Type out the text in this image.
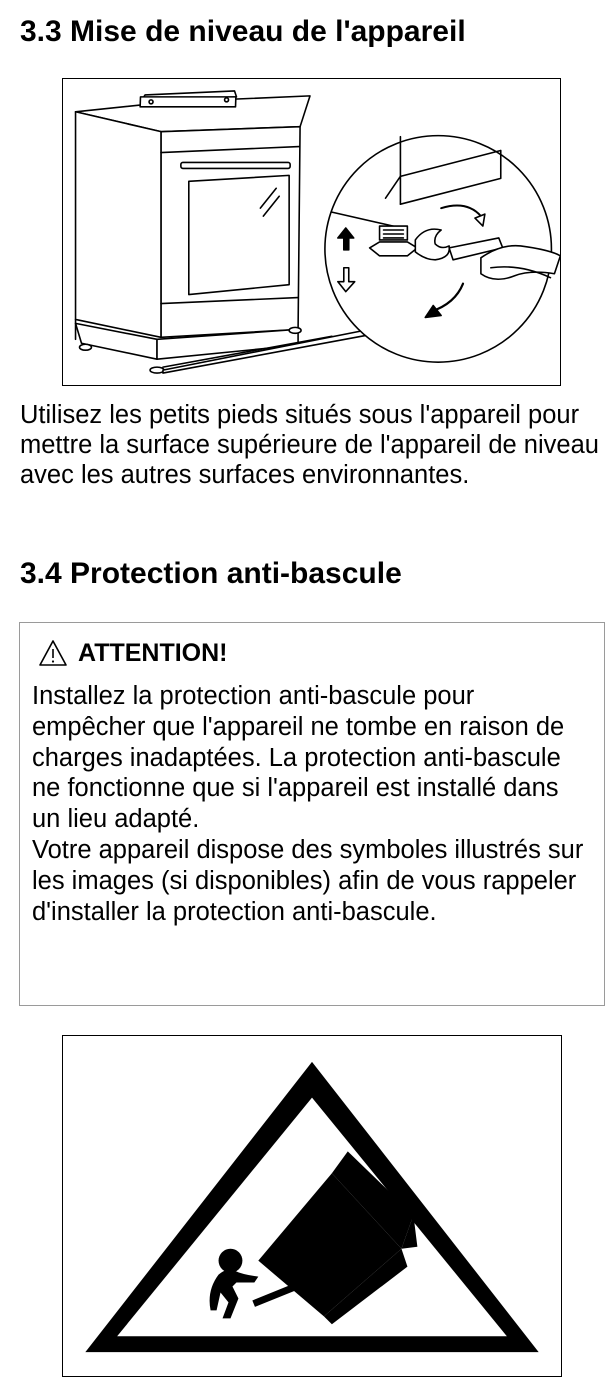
3.3 Mise de niveau de l'appareil

Utilisez les petits pieds situés sous l'appareil pour mettre la surface supérieure de l'appareil de niveau avec les autres surfaces environnantes.

3.4 Protection anti-bascule
ATTENTION!

Installez la protection anti-bascule pour empêcher que l'appareil ne tombe en raison de charges inadaptées. La protection anti-bascule ne fonctionne que si l'appareil est installé dans un lieu adapté.
Votre appareil dispose des symboles illustrés sur les images (si disponibles) afin de vous rappeler d'installer la protection anti-bascule.
